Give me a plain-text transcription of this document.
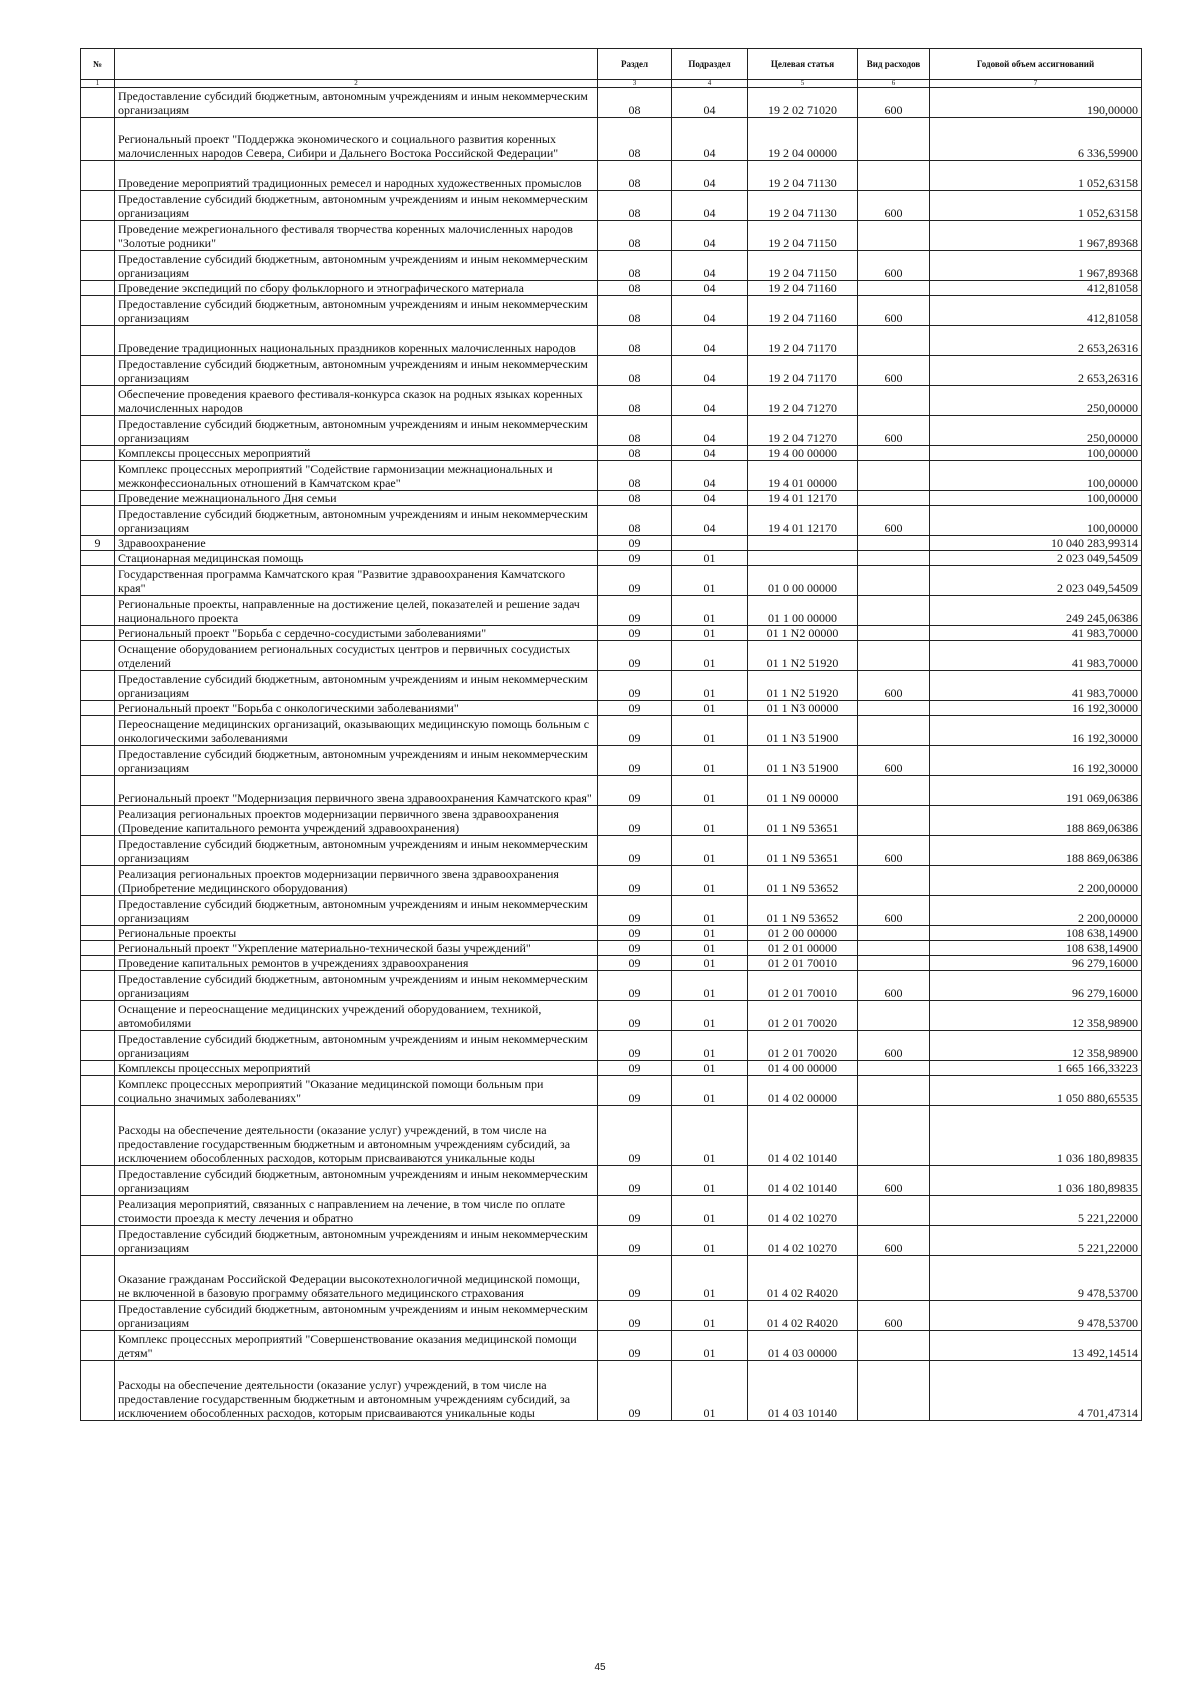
№		Раздел	Подраздел	Целевая статья	Вид расходов	Годовой объем ассигнований
1	2	3	4	5	6	7
	Предоставление субсидий бюджетным, автономным учреждениям и иным некоммерческим организациям	08	04	19 2 02 71020	600	190,00000
	Региональный проект "Поддержка экономического и социального развития коренных малочисленных народов Севера, Сибири и Дальнего Востока Российской Федерации"	08	04	19 2 04 00000		6 336,59900
	Проведение мероприятий традиционных ремесел и народных художественных промыслов	08	04	19 2 04 71130		1 052,63158
	Предоставление субсидий бюджетным, автономным учреждениям и иным некоммерческим организациям	08	04	19 2 04 71130	600	1 052,63158
	Проведение межрегионального фестиваля творчества коренных малочисленных народов "Золотые родники"	08	04	19 2 04 71150		1 967,89368
	Предоставление субсидий бюджетным, автономным учреждениям и иным некоммерческим организациям	08	04	19 2 04 71150	600	1 967,89368
	Проведение экспедиций по сбору фольклорного и этнографического материала	08	04	19 2 04 71160		412,81058
	Предоставление субсидий бюджетным, автономным учреждениям и иным некоммерческим организациям	08	04	19 2 04 71160	600	412,81058
	Проведение традиционных национальных праздников коренных малочисленных народов	08	04	19 2 04 71170		2 653,26316
	Предоставление субсидий бюджетным, автономным учреждениям и иным некоммерческим организациям	08	04	19 2 04 71170	600	2 653,26316
	Обеспечение проведения краевого фестиваля-конкурса сказок на родных языках коренных малочисленных народов	08	04	19 2 04 71270		250,00000
	Предоставление субсидий бюджетным, автономным учреждениям и иным некоммерческим организациям	08	04	19 2 04 71270	600	250,00000
	Комплексы процессных мероприятий	08	04	19 4 00 00000		100,00000
	Комплекс процессных мероприятий "Содействие гармонизации межнациональных и межконфессиональных отношений в Камчатском крае"	08	04	19 4 01 00000		100,00000
	Проведение межнационального Дня семьи	08	04	19 4 01 12170		100,00000
	Предоставление субсидий бюджетным, автономным учреждениям и иным некоммерческим организациям	08	04	19 4 01 12170	600	100,00000
9	Здравоохранение	09				10 040 283,99314
	Стационарная медицинская помощь	09	01			2 023 049,54509
	Государственная программа Камчатского края "Развитие здравоохранения Камчатского края"	09	01	01 0 00 00000		2 023 049,54509
	Региональные проекты, направленные на достижение целей, показателей и решение задач национального проекта	09	01	01 1 00 00000		249 245,06386
	Региональный проект "Борьба с сердечно-сосудистыми заболеваниями"	09	01	01 1 N2 00000		41 983,70000
	Оснащение оборудованием региональных сосудистых центров и первичных сосудистых отделений	09	01	01 1 N2 51920		41 983,70000
	Предоставление субсидий бюджетным, автономным учреждениям и иным некоммерческим организациям	09	01	01 1 N2 51920	600	41 983,70000
	Региональный проект "Борьба с онкологическими заболеваниями"	09	01	01 1 N3 00000		16 192,30000
	Переоснащение медицинских организаций, оказывающих медицинскую помощь больным с онкологическими заболеваниями	09	01	01 1 N3 51900		16 192,30000
	Предоставление субсидий бюджетным, автономным учреждениям и иным некоммерческим организациям	09	01	01 1 N3 51900	600	16 192,30000
	Региональный проект "Модернизация первичного звена здравоохранения Камчатского края"	09	01	01 1 N9 00000		191 069,06386
	Реализация региональных проектов модернизации первичного звена здравоохранения (Проведение капитального ремонта учреждений здравоохранения)	09	01	01 1 N9 53651		188 869,06386
	Предоставление субсидий бюджетным, автономным учреждениям и иным некоммерческим организациям	09	01	01 1 N9 53651	600	188 869,06386
	Реализация региональных проектов модернизации первичного звена здравоохранения (Приобретение медицинского оборудования)	09	01	01 1 N9 53652		2 200,00000
	Предоставление субсидий бюджетным, автономным учреждениям и иным некоммерческим организациям	09	01	01 1 N9 53652	600	2 200,00000
	Региональные проекты	09	01	01 2 00 00000		108 638,14900
	Региональный проект "Укрепление материально-технической базы учреждений"	09	01	01 2 01 00000		108 638,14900
	Проведение капитальных ремонтов в учреждениях здравоохранения	09	01	01 2 01 70010		96 279,16000
	Предоставление субсидий бюджетным, автономным учреждениям и иным некоммерческим организациям	09	01	01 2 01 70010	600	96 279,16000
	Оснащение и переоснащение медицинских учреждений оборудованием, техникой, автомобилями	09	01	01 2 01 70020		12 358,98900
	Предоставление субсидий бюджетным, автономным учреждениям и иным некоммерческим организациям	09	01	01 2 01 70020	600	12 358,98900
	Комплексы процессных мероприятий	09	01	01 4 00 00000		1 665 166,33223
	Комплекс процессных мероприятий "Оказание медицинской помощи больным при социально значимых заболеваниях"	09	01	01 4 02 00000		1 050 880,65535
	Расходы на обеспечение деятельности (оказание услуг) учреждений, в том числе на предоставление государственным бюджетным и автономным учреждениям субсидий, за исключением обособленных расходов, которым присваиваются уникальные коды	09	01	01 4 02 10140		1 036 180,89835
	Предоставление субсидий бюджетным, автономным учреждениям и иным некоммерческим организациям	09	01	01 4 02 10140	600	1 036 180,89835
	Реализация мероприятий, связанных с направлением на лечение, в том числе по оплате стоимости проезда к месту лечения и обратно	09	01	01 4 02 10270		5 221,22000
	Предоставление субсидий бюджетным, автономным учреждениям и иным некоммерческим организациям	09	01	01 4 02 10270	600	5 221,22000
	Оказание гражданам Российской Федерации высокотехнологичной медицинской помощи, не включенной в базовую программу обязательного медицинского страхования	09	01	01 4 02 R4020		9 478,53700
	Предоставление субсидий бюджетным, автономным учреждениям и иным некоммерческим организациям	09	01	01 4 02 R4020	600	9 478,53700
	Комплекс процессных мероприятий "Совершенствование оказания медицинской помощи детям"	09	01	01 4 03 00000		13 492,14514
	Расходы на обеспечение деятельности (оказание услуг) учреждений, в том числе на предоставление государственным бюджетным и автономным учреждениям субсидий, за исключением обособленных расходов, которым присваиваются уникальные коды	09	01	01 4 03 10140		4 701,47314
45
